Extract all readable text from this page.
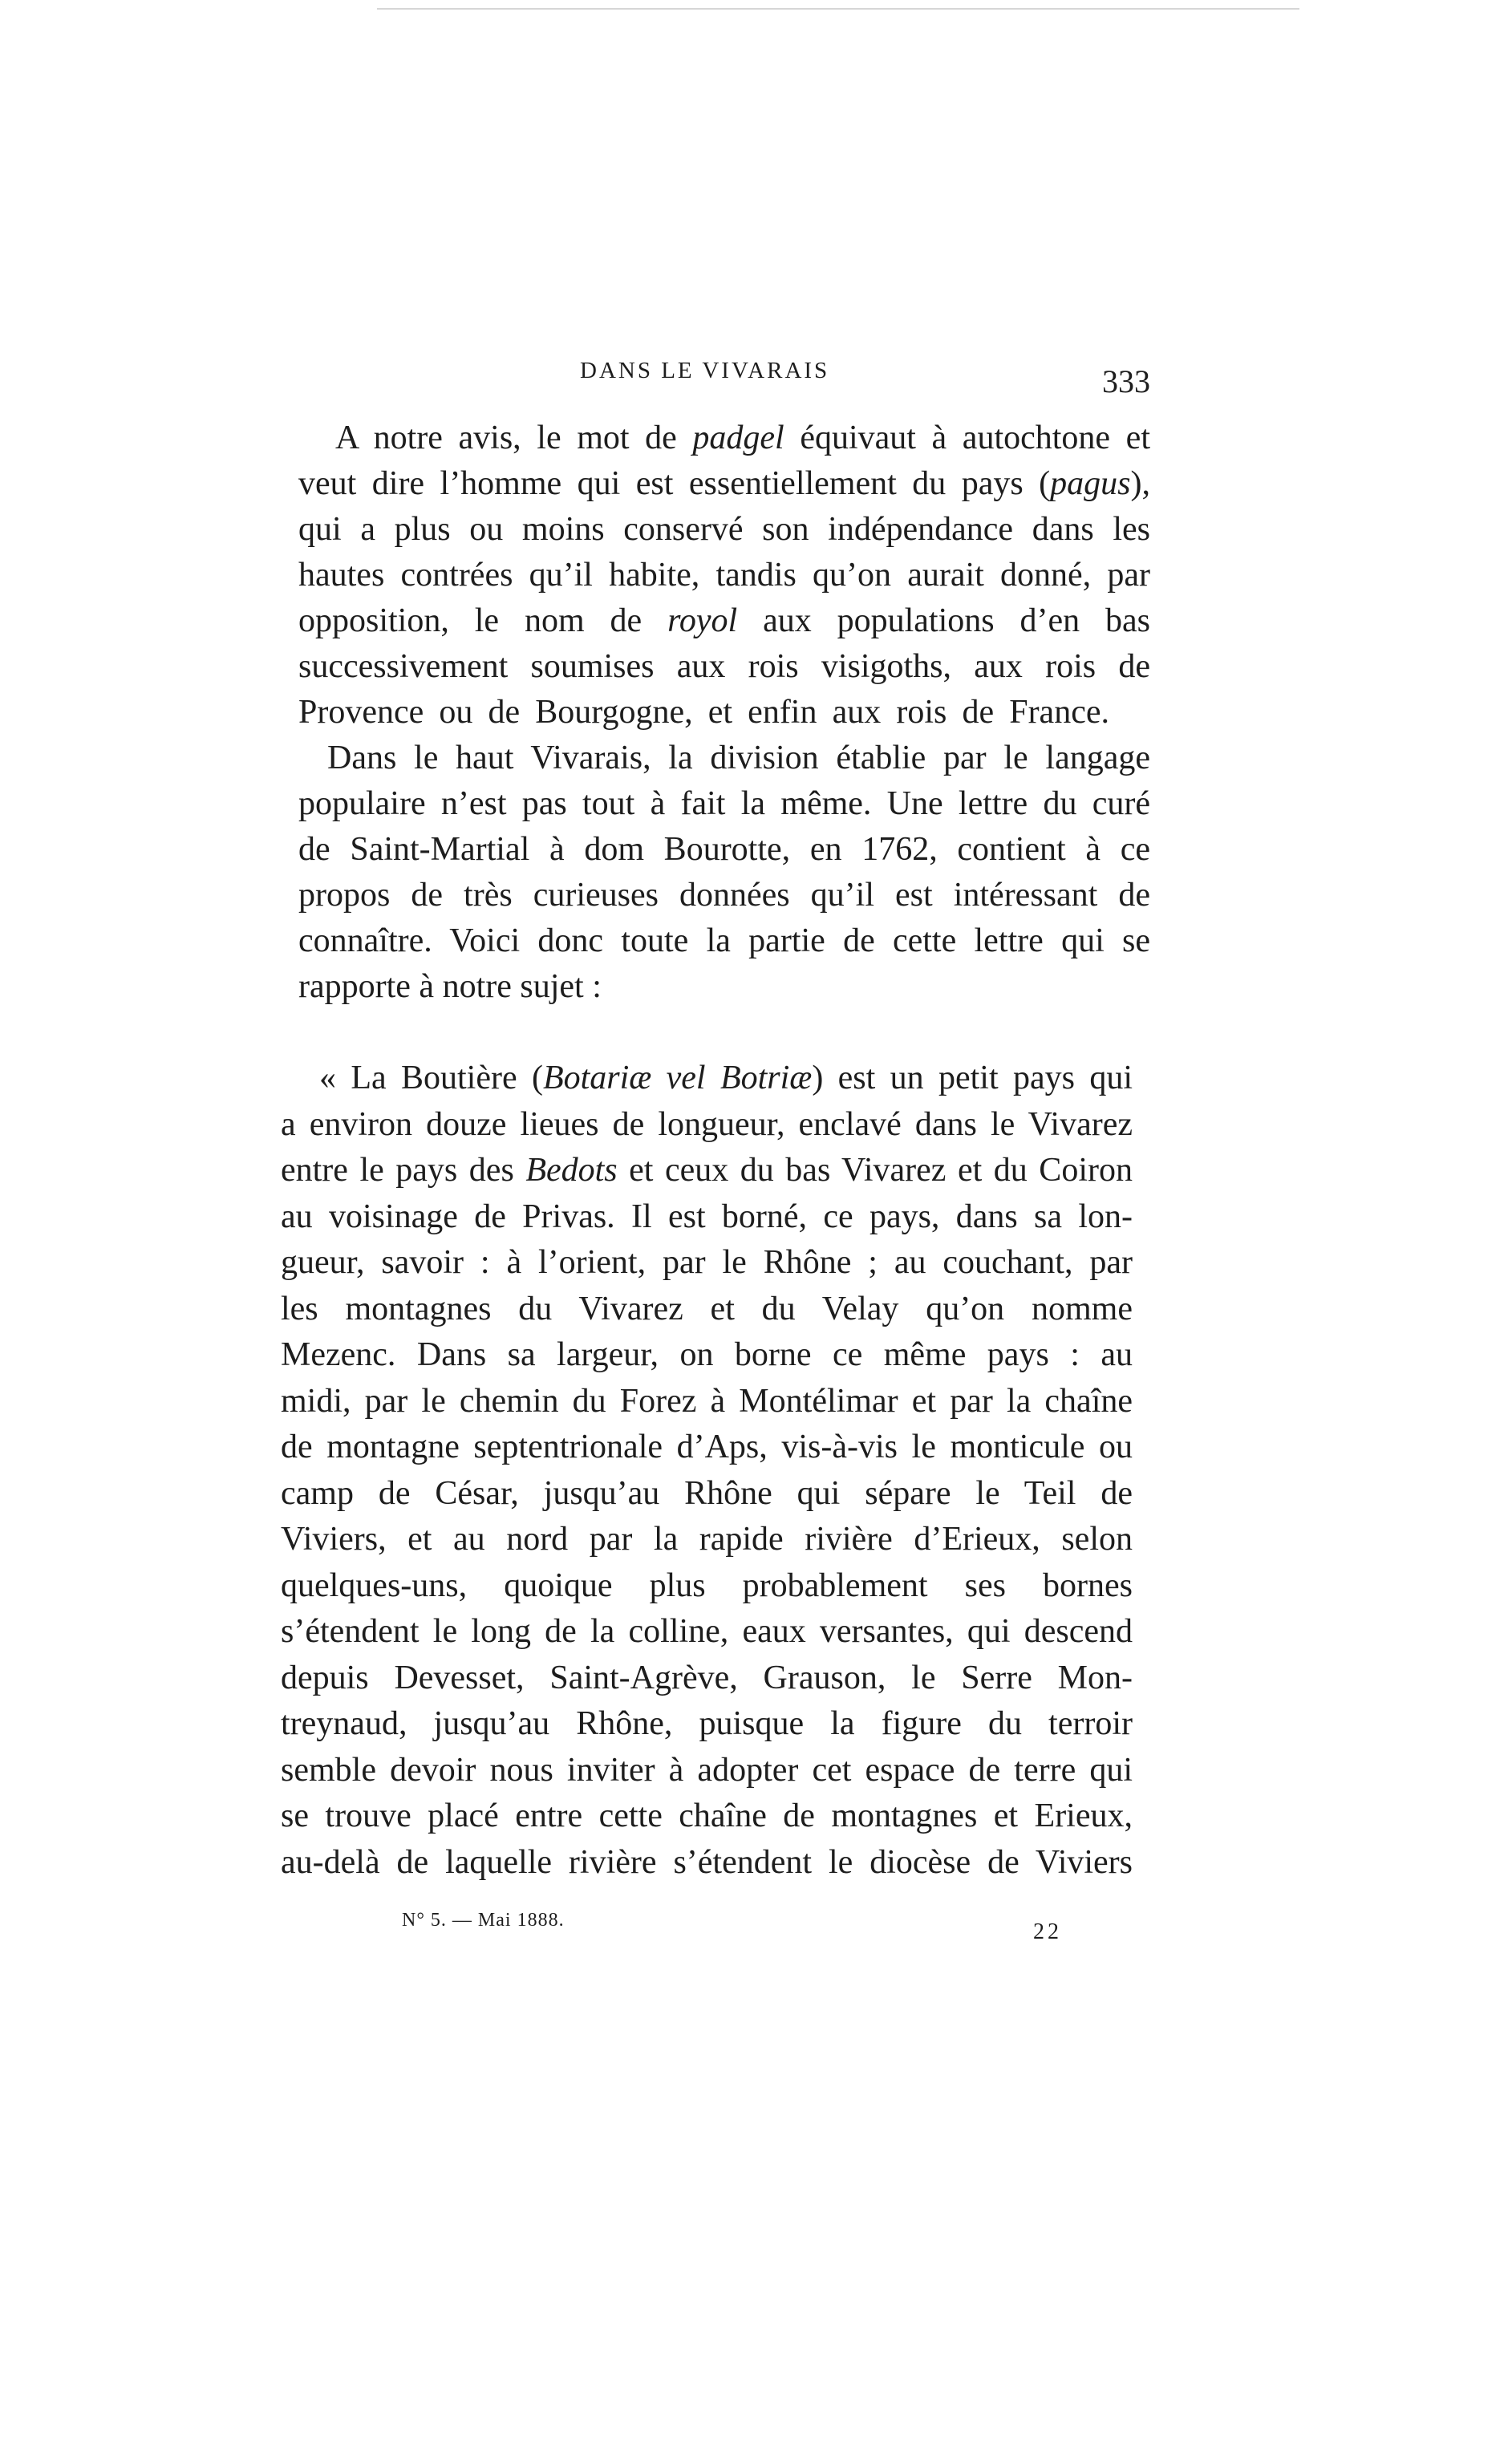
DANS LE VIVARAIS	333
A notre avis, le mot de padgel équivaut à autochtone et
veut dire l’homme qui est essentiellement du pays (pagus),
qui a plus ou moins conservé son indépendance dans les
hautes contrées qu’il habite, tandis qu’on aurait donné, par
opposition, le nom de royol aux populations d’en bas
successivement soumises aux rois visigoths, aux rois de
Provence ou de Bourgogne, et enfin aux rois de France.
Dans le haut Vivarais, la division établie par le langage
populaire n’est pas tout à fait la même. Une lettre du curé
de Saint-Martial à dom Bourotte, en 1762, contient à ce
propos de très curieuses données qu’il est intéressant de
connaître. Voici donc toute la partie de cette lettre qui se
rapporte à notre sujet :
« La Boutière (Botariæ vel Botriæ) est un petit pays qui
a environ douze lieues de longueur, enclavé dans le Vivarez
entre le pays des Bedots et ceux du bas Vivarez et du Coiron
au voisinage de Privas. Il est borné, ce pays, dans sa lon-
gueur, savoir : à l’orient, par le Rhône ; au couchant, par
les montagnes du Vivarez et du Velay qu’on nomme
Mezenc. Dans sa largeur, on borne ce même pays : au
midi, par le chemin du Forez à Montélimar et par la chaîne
de montagne septentrionale d’Aps, vis-à-vis le monticule ou
camp de César, jusqu’au Rhône qui sépare le Teil de
Viviers, et au nord par la rapide rivière d’Erieux, selon
quelques-uns, quoique plus probablement ses bornes
s’étendent le long de la colline, eaux versantes, qui descend
depuis Devesset, Saint-Agrève, Grauson, le Serre Mon-
treynaud, jusqu’au Rhône, puisque la figure du terroir
semble devoir nous inviter à adopter cet espace de terre qui
se trouve placé entre cette chaîne de montagnes et Erieux,
au-delà de laquelle rivière s’étendent le diocèse de Viviers
N° 5. — Mai 1888.	22
